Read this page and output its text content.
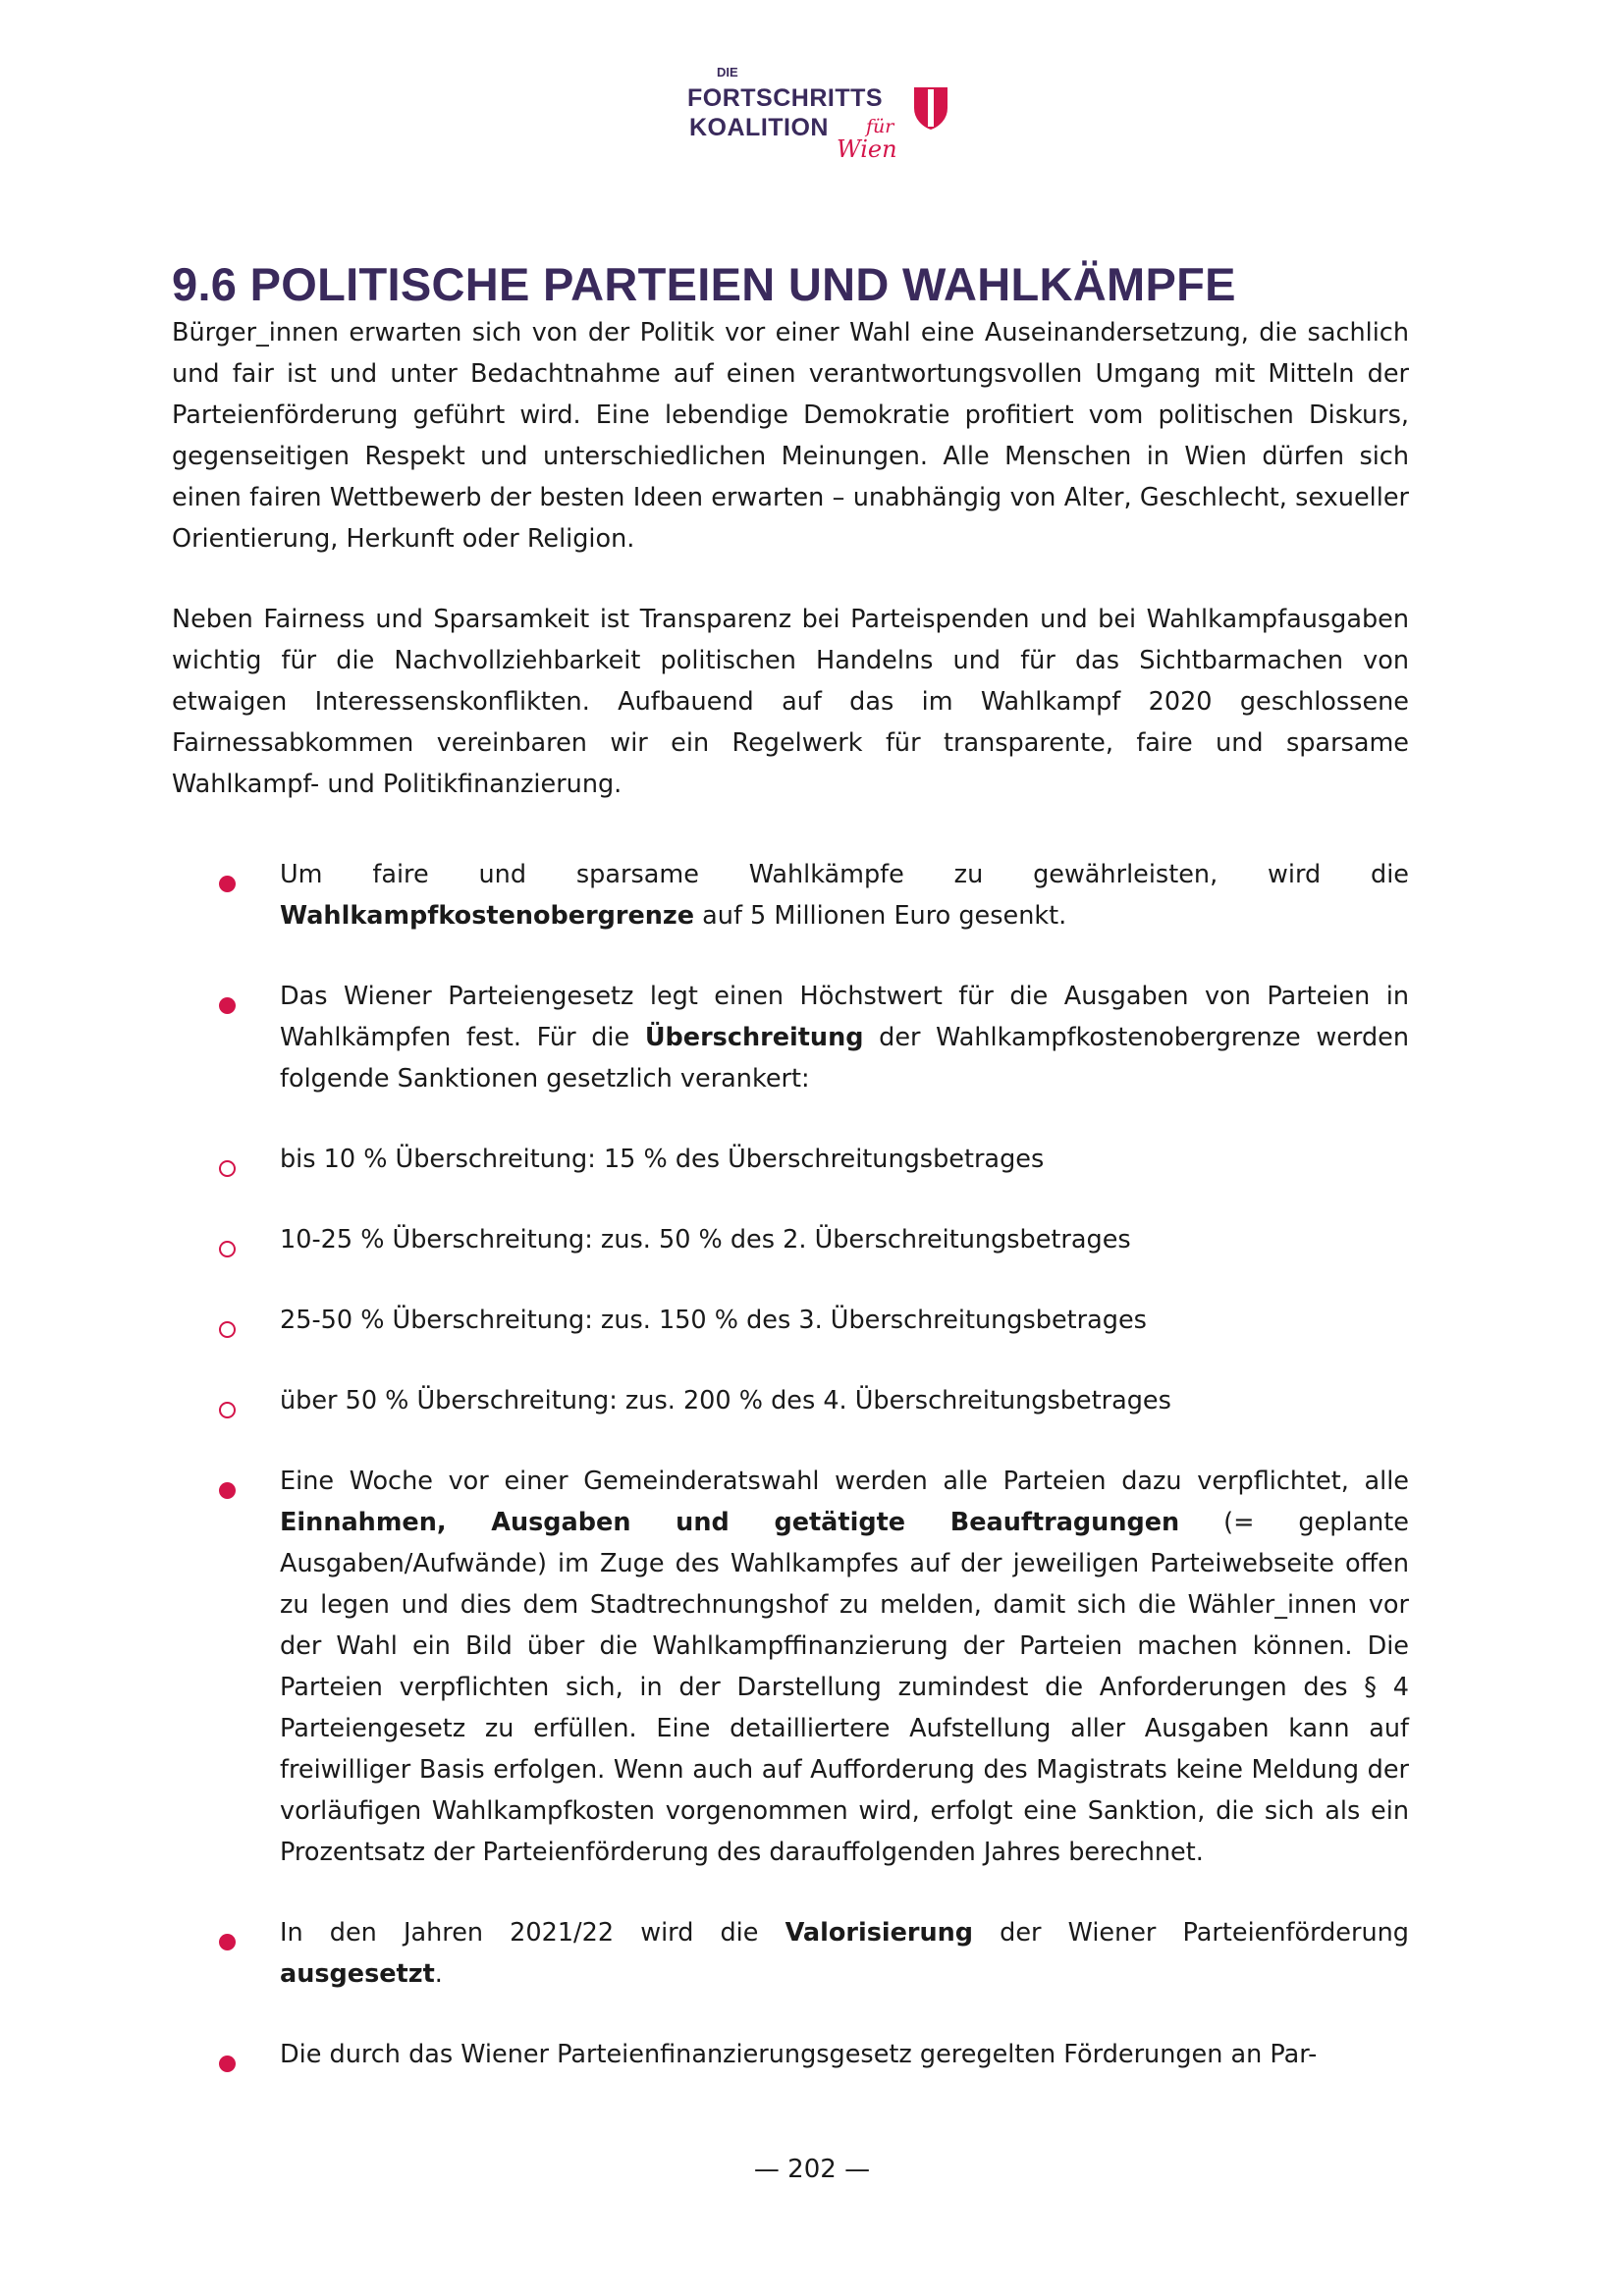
DIE
FORTSCHRITTS
KOALITION für
Wien
9.6 POLITISCHE PARTEIEN UND WAHLKÄMPFE

Bürger_innen erwarten sich von der Politik vor einer Wahl eine Auseinandersetzung, die sachlich und fair ist und unter Bedachtnahme auf einen verantwortungsvollen Umgang mit Mitteln der Parteienförderung geführt wird. Eine lebendige Demokratie profitiert vom politischen Diskurs, gegenseitigen Respekt und unterschiedlichen Meinungen. Alle Menschen in Wien dürfen sich einen fairen Wettbewerb der besten Ideen erwarten – unabhängig von Alter, Geschlecht, sexueller Orientierung, Herkunft oder Religion.

Neben Fairness und Sparsamkeit ist Transparenz bei Parteispenden und bei Wahlkampfausgaben wichtig für die Nachvollziehbarkeit politischen Handelns und für das Sichtbarmachen von etwaigen Interessenskonflikten. Aufbauend auf das im Wahlkampf 2020 geschlossene Fairnessabkommen vereinbaren wir ein Regelwerk für transparente, faire und sparsame Wahlkampf- und Politikfinanzierung.

Um faire und sparsame Wahlkämpfe zu gewährleisten, wird die Wahlkampfkostenobergrenze auf 5 Millionen Euro gesenkt.
Das Wiener Parteiengesetz legt einen Höchstwert für die Ausgaben von Parteien in Wahlkämpfen fest. Für die Überschreitung der Wahlkampfkostenobergrenze werden folgende Sanktionen gesetzlich verankert:
bis 10 % Überschreitung: 15 % des Überschreitungsbetrages
10-25 % Überschreitung: zus. 50 % des 2. Überschreitungsbetrages
25-50 % Überschreitung: zus. 150 % des 3. Überschreitungsbetrages
über 50 % Überschreitung: zus. 200 % des 4. Überschreitungsbetrages
Eine Woche vor einer Gemeinderatswahl werden alle Parteien dazu verpflichtet, alle Einnahmen, Ausgaben und getätigte Beauftragungen (= geplante Ausgaben/Aufwände) im Zuge des Wahlkampfes auf der jeweiligen Parteiwebseite offen zu legen und dies dem Stadtrechnungshof zu melden, damit sich die Wähler_innen vor der Wahl ein Bild über die Wahlkampffinanzierung der Parteien machen können. Die Parteien verpflichten sich, in der Darstellung zumindest die Anforderungen des § 4 Parteiengesetz zu erfüllen. Eine detailliertere Aufstellung aller Ausgaben kann auf freiwilliger Basis erfolgen. Wenn auch auf Aufforderung des Magistrats keine Meldung der vorläufigen Wahlkampfkosten vorgenommen wird, erfolgt eine Sanktion, die sich als ein Prozentsatz der Parteienförderung des darauffolgenden Jahres berechnet.
In den Jahren 2021/22 wird die Valorisierung der Wiener Parteienförderung ausgesetzt.
Die durch das Wiener Parteienfinanzierungsgesetz geregelten Förderungen an Par-
— 202 —
